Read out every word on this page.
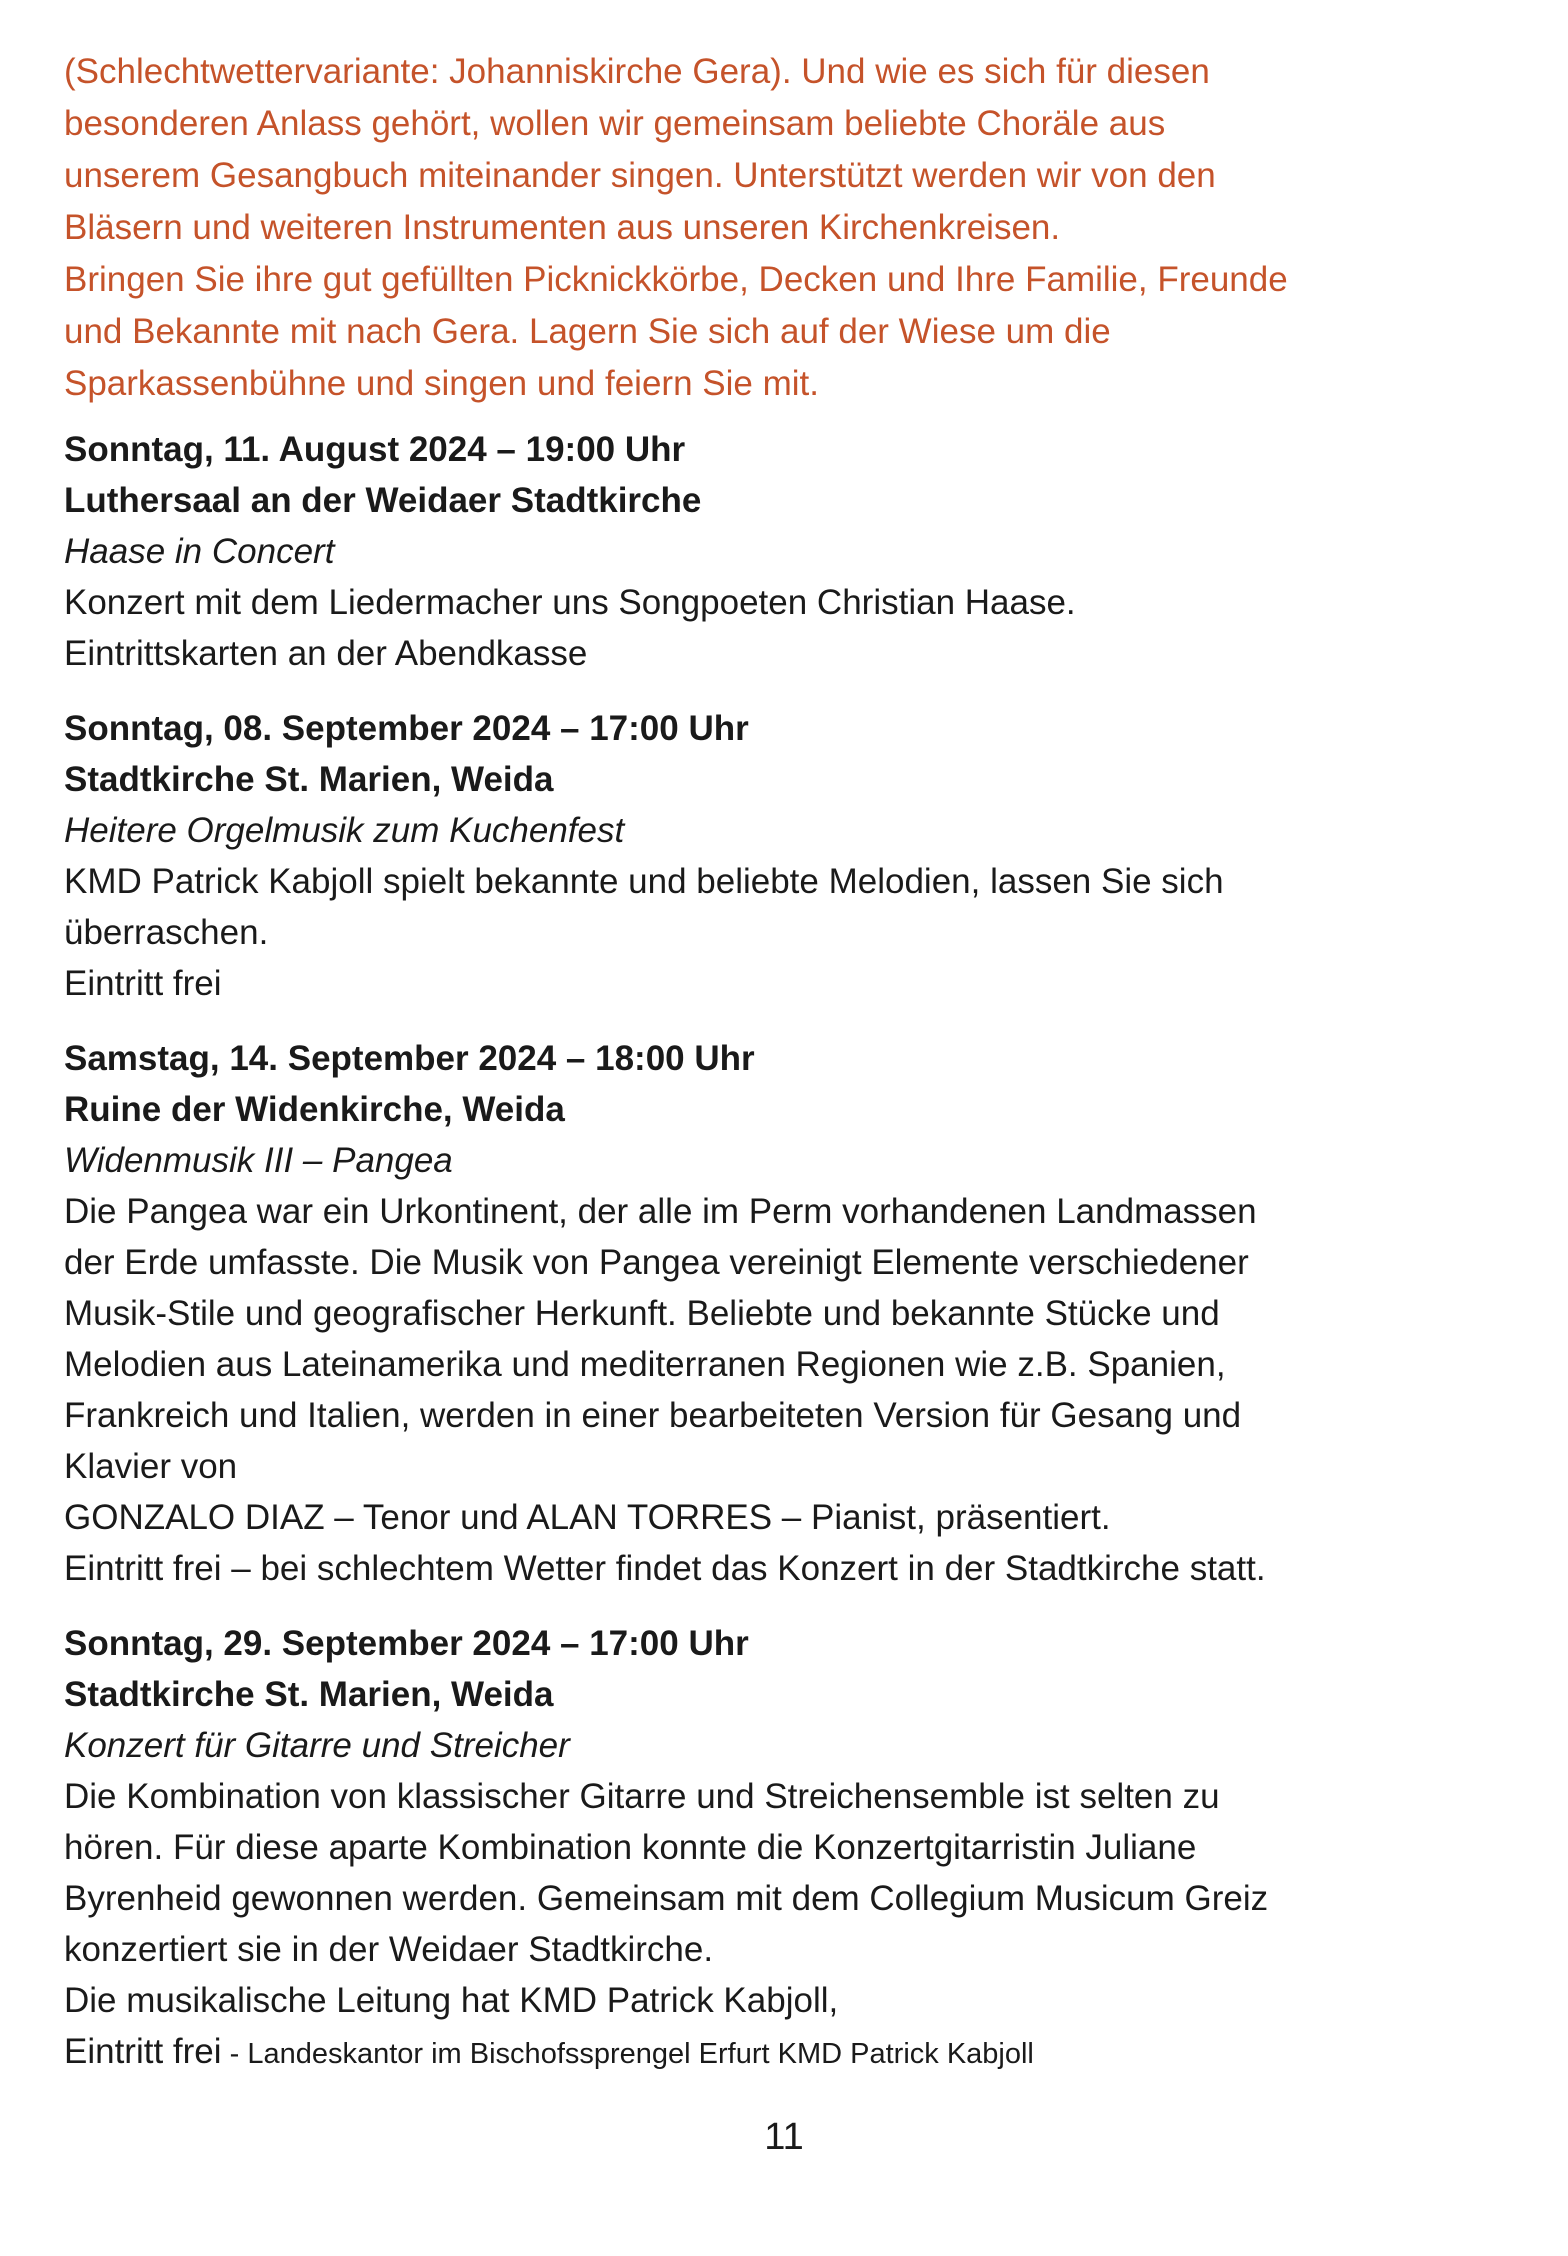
(Schlechtwettervariante: Johanniskirche Gera). Und wie es sich für diesen
besonderen Anlass gehört, wollen wir gemeinsam beliebte Choräle aus
unserem Gesangbuch miteinander singen. Unterstützt werden wir von den
Bläsern und weiteren Instrumenten aus unseren Kirchenkreisen.
Bringen Sie ihre gut gefüllten Picknickkörbe, Decken und Ihre Familie, Freunde
und Bekannte mit nach Gera. Lagern Sie sich auf der Wiese um die
Sparkassenbühne und singen und feiern Sie mit.
Sonntag, 11. August 2024 – 19:00 Uhr
Luthersaal an der Weidaer Stadtkirche
Haase in Concert
Konzert mit dem Liedermacher uns Songpoeten Christian Haase.
Eintrittskarten an der Abendkasse
Sonntag, 08. September 2024 – 17:00 Uhr
Stadtkirche St. Marien, Weida
Heitere Orgelmusik zum Kuchenfest
KMD Patrick Kabjoll spielt bekannte und beliebte Melodien, lassen Sie sich
überraschen.
Eintritt frei
Samstag, 14. September 2024 – 18:00 Uhr
Ruine der Widenkirche, Weida
Widenmusik III – Pangea
Die Pangea war ein Urkontinent, der alle im Perm vorhandenen Landmassen
der Erde umfasste. Die Musik von Pangea vereinigt Elemente verschiedener
Musik-Stile und geografischer Herkunft. Beliebte und bekannte Stücke und
Melodien aus Lateinamerika und mediterranen Regionen wie z.B. Spanien,
Frankreich und Italien, werden in einer bearbeiteten Version für Gesang und
Klavier von
GONZALO DIAZ – Tenor und ALAN TORRES – Pianist, präsentiert.
Eintritt frei – bei schlechtem Wetter findet das Konzert in der Stadtkirche statt.
Sonntag, 29. September 2024 – 17:00 Uhr
Stadtkirche St. Marien, Weida
Konzert für Gitarre und Streicher
Die Kombination von klassischer Gitarre und Streichensemble ist selten zu
hören. Für diese aparte Kombination konnte die Konzertgitarristin Juliane
Byrenheid gewonnen werden. Gemeinsam mit dem Collegium Musicum Greiz
konzertiert sie in der Weidaer Stadtkirche.
Die musikalische Leitung hat KMD Patrick Kabjoll,
Eintritt frei - Landeskantor im Bischofssprengel Erfurt KMD Patrick Kabjoll
11
